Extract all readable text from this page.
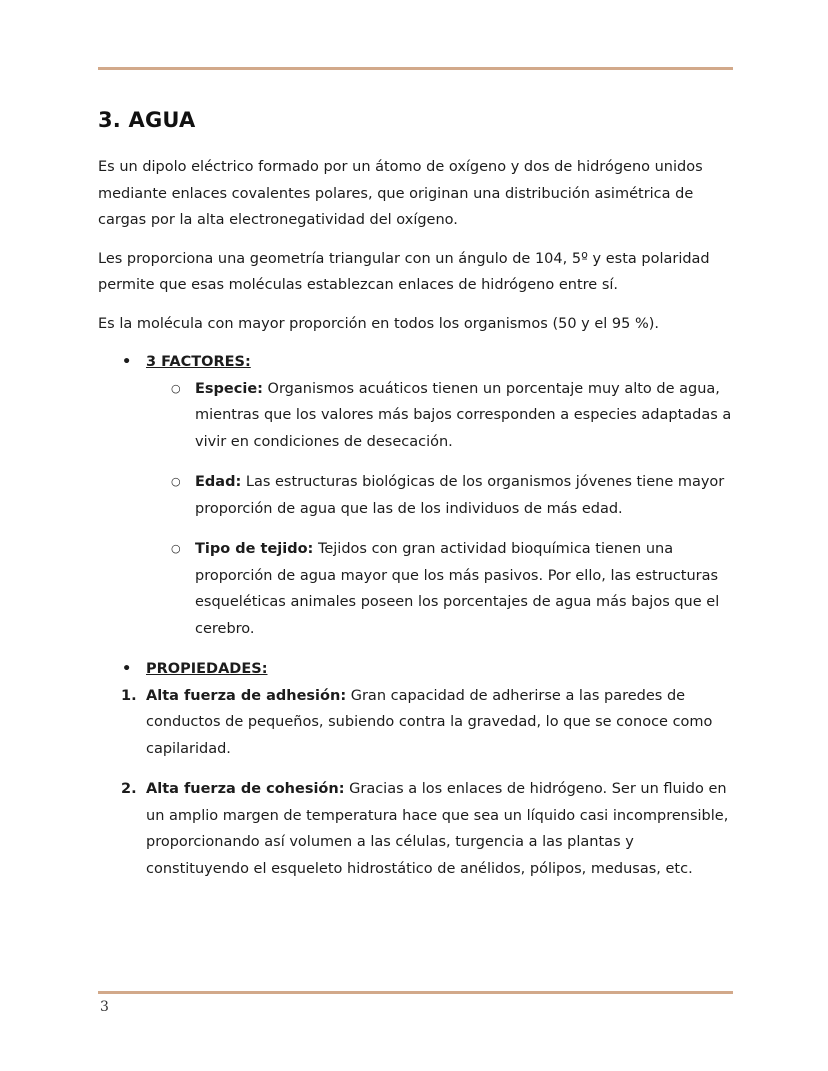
3. AGUA

Es un dipolo eléctrico formado por un átomo de oxígeno y dos de hidrógeno unidos mediante enlaces covalentes polares, que originan una distribución asimétrica de cargas por la alta electronegatividad del oxígeno.

Les proporciona una geometría triangular con un ángulo de 104, 5º y esta polaridad permite que esas moléculas establezcan enlaces de hidrógeno entre sí.

Es la molécula con mayor proporción en todos los organismos (50 y el 95 %).

• 3 FACTORES:
○ Especie: Organismos acuáticos tienen un porcentaje muy alto de agua, mientras que los valores más bajos corresponden a especies adaptadas a vivir en condiciones de desecación.
○ Edad: Las estructuras biológicas de los organismos jóvenes tiene mayor proporción de agua que las de los individuos de más edad.
○ Tipo de tejido: Tejidos con gran actividad bioquímica tienen una proporción de agua mayor que los más pasivos. Por ello, las estructuras esqueléticas animales poseen los porcentajes de agua más bajos que el cerebro.
• PROPIEDADES:
1. Alta fuerza de adhesión: Gran capacidad de adherirse a las paredes de conductos de pequeños, subiendo contra la gravedad, lo que se conoce como capilaridad.
2. Alta fuerza de cohesión: Gracias a los enlaces de hidrógeno. Ser un fluido en un amplio margen de temperatura hace que sea un líquido casi incomprensible, proporcionando así volumen a las células, turgencia a las plantas y constituyendo el esqueleto hidrostático de anélidos, pólipos, medusas, etc.
3
